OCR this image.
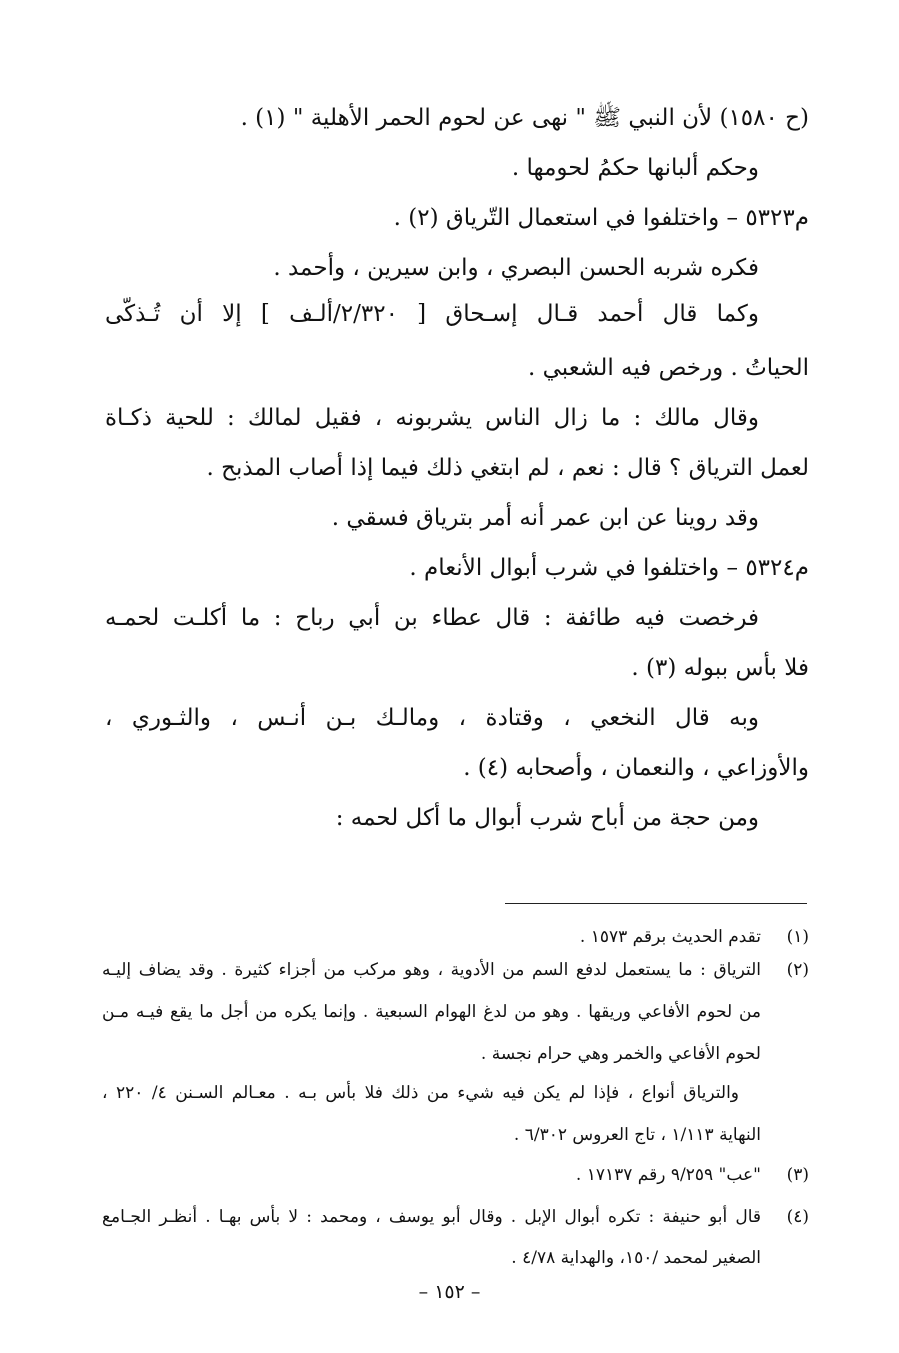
(ح ١٥٨٠) لأن النبي ﷺ " نهى عن لحوم الحمر الأهلية " (١) .
وحكم ألبانها حكمُ لحومها .
م٥٣٢٣ – واختلفوا في استعمال التّرياق (٢) .
فكره شربه الحسن البصري ، وابن سيرين ، وأحمد .
وكما قال أحمد قـال إسـحاق [ ٢/٣٢٠/ألـف ] إلا أن تُـذكّى
الحياتُ . ورخص فيه الشعبي .
وقال مالك : ما زال الناس يشربونه ، فقيل لمالك : للحية ذكـاة
لعمل الترياق ؟ قال : نعم ، لم ابتغي ذلك فيما إذا أصاب المذبح .
وقد روينا عن ابن عمر أنه أمر بترياق فسقي .
م٥٣٢٤ – واختلفوا في شرب أبوال الأنعام .
فرخصت فيه طائفة : قال عطاء بن أبي رباح : ما أكلـت لحمـه
فلا بأس ببوله (٣) .
وبه قال النخعي ، وقتادة ، ومالـك بـن أنـس ، والثـوري ،
والأوزاعي ، والنعمان ، وأصحابه (٤) .
ومن حجة من أباح شرب أبوال ما أكل لحمه :
(١)تقدم الحديث برقم ١٥٧٣ .
(٢)الترياق : ما يستعمل لدفع السم من الأدوية ، وهو مركب من أجزاء كثيرة . وقد يضاف إليـه
من لحوم الأفاعي وريقها . وهو من لدغ الهوام السبعية . وإنما يكره من أجل ما يقع فيـه مـن
لحوم الأفاعي والخمر وهي حرام نجسة .
والترياق أنواع ، فإذا لم يكن فيه شيء من ذلك فلا بأس بـه . معـالم السـنن ٤/ ٢٢٠ ،
النهاية ١/١١٣ ، تاج العروس ٦/٣٠٢ .
(٣)"عب" ٩/٢٥٩ رقم ١٧١٣٧ .
(٤)قال أبو حنيفة : تكره أبوال الإبل . وقال أبو يوسف ، ومحمد : لا بأس بهـا . أنظـر الجـامع
الصغير لمحمد /١٥٠، والهداية ٤/٧٨ .
– ١٥٢ –
